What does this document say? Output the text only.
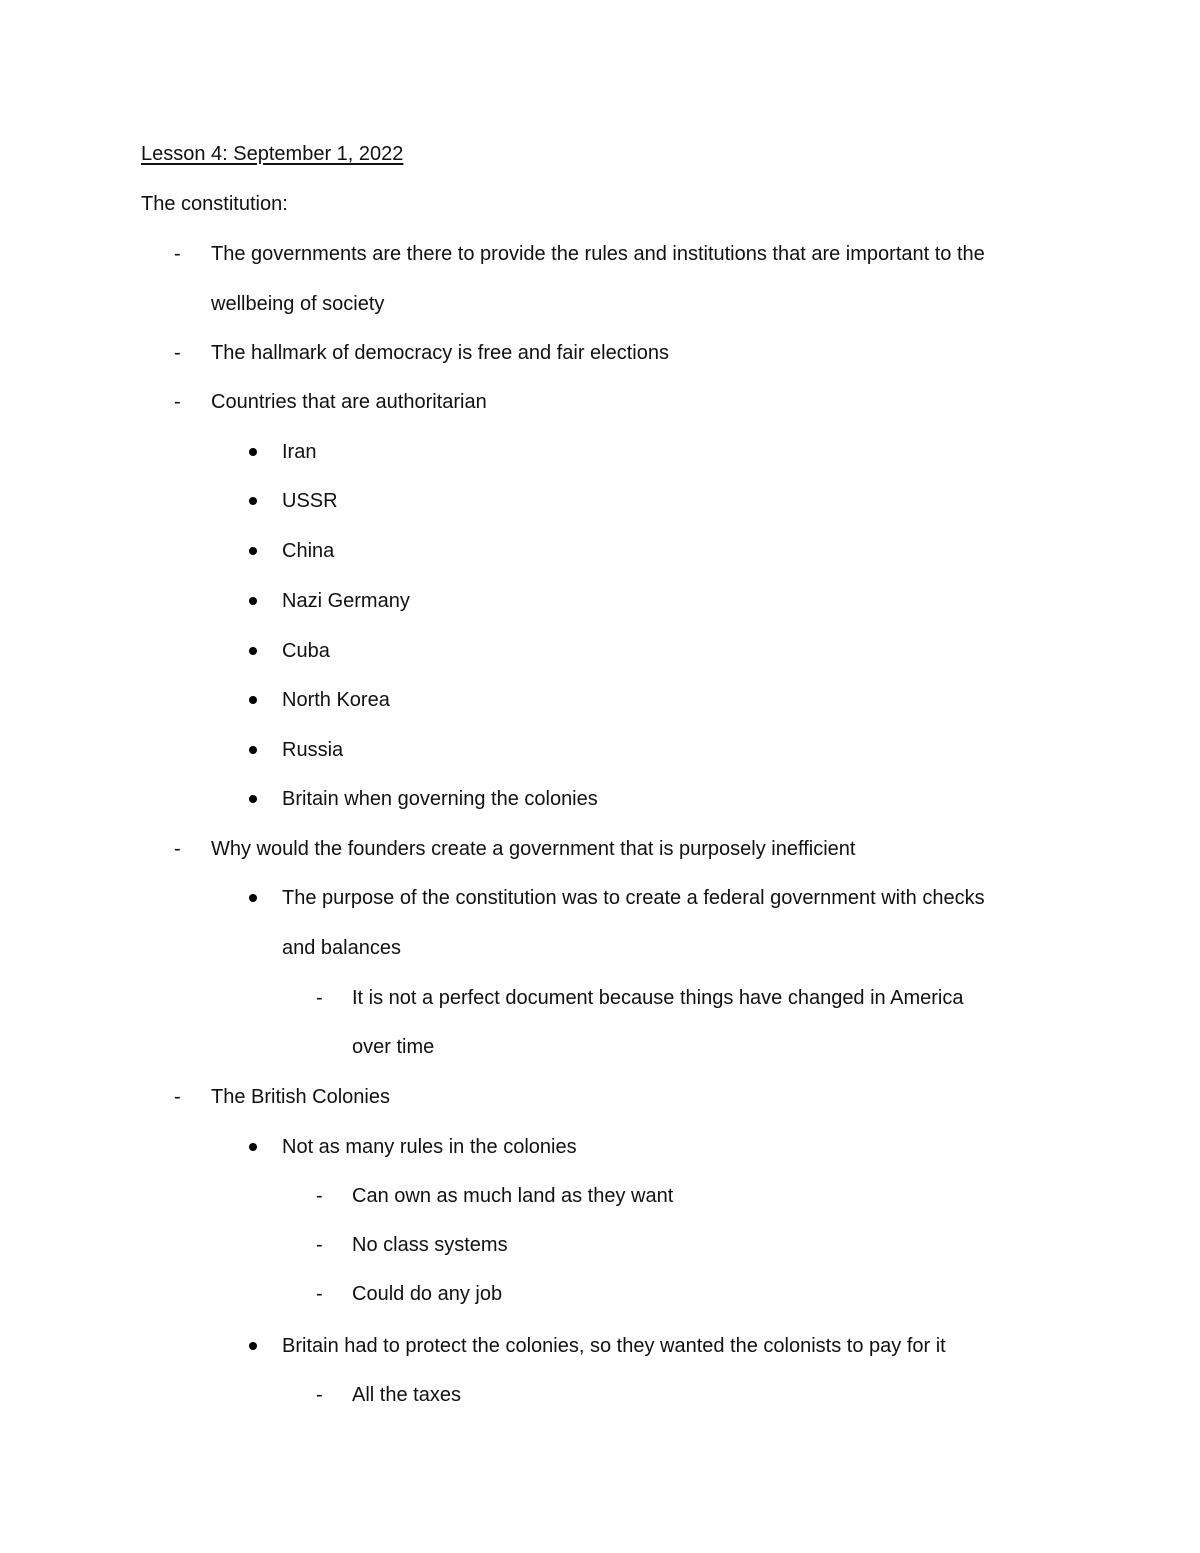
Lesson 4: September 1, 2022
The constitution:
- The governments are there to provide the rules and institutions that are important to the
wellbeing of society
- The hallmark of democracy is free and fair elections
- Countries that are authoritarian
Iran
USSR
China
Nazi Germany
Cuba
North Korea
Russia
Britain when governing the colonies
- Why would the founders create a government that is purposely inefficient
The purpose of the constitution was to create a federal government with checks
and balances
- It is not a perfect document because things have changed in America
over time
- The British Colonies
Not as many rules in the colonies
- Can own as much land as they want
- No class systems
- Could do any job
Britain had to protect the colonies, so they wanted the colonists to pay for it
- All the taxes
